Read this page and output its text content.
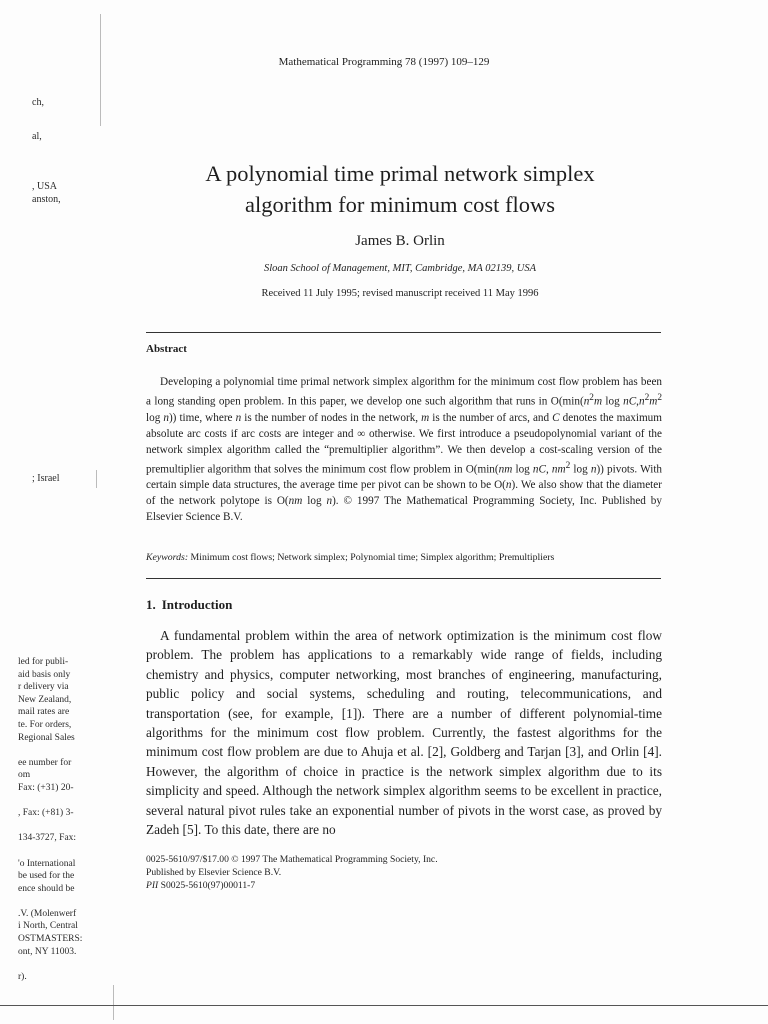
ch,
al,
, USA
anston,
; Israel
led for publi-
aid basis only
r delivery via
New Zealand,
mail rates are
te. For orders,
Regional Sales

ee number for
om
Fax: (+31) 20-

, Fax: (+81) 3-

134-3727, Fax:

'o International
be used for the
ence should be

.V. (Molenwerf
i North, Central
OSTMASTERS:
ont, NY 11003.

r).
Mathematical Programming 78 (1997) 109–129
A polynomial time primal network simplex
algorithm for minimum cost flows
James B. Orlin
Sloan School of Management, MIT, Cambridge, MA 02139, USA
Received 11 July 1995; revised manuscript received 11 May 1996
Abstract
Developing a polynomial time primal network simplex algorithm for the minimum cost flow problem has been a long standing open problem. In this paper, we develop one such algorithm that runs in $O(\min(n^2m$ $\log nC,n^2m^2$ log n)) time, where n is the number of nodes in the network, m is the number of arcs, and C denotes the maximum absolute arc costs if arc costs are integer and ∞ otherwise. We first introduce a pseudopolynomial variant of the network simplex algorithm called the “premultiplier algorithm”. We then develop a cost-scaling version of the premultiplier algorithm that solves the minimum cost flow problem in O(min(nm log nC, $nm^2$ log n)) pivots. With certain simple data structures, the average time per pivot can be shown to be O(n). We also show that the diameter of the network polytope is O(nm log n). © 1997 The Mathematical Programming Society, Inc. Published by Elsevier Science B.V.
Keywords: Minimum cost flows; Network simplex; Polynomial time; Simplex algorithm; Premultipliers
1. Introduction
A fundamental problem within the area of network optimization is the minimum cost flow problem. The problem has applications to a remarkably wide range of fields, including chemistry and physics, computer networking, most branches of engineering, manufacturing, public policy and social systems, scheduling and routing, telecommunications, and transportation (see, for example, [1]). There are a number of different polynomial-time algorithms for the minimum cost flow problem. Currently, the fastest algorithms for the minimum cost flow problem are due to Ahuja et al. [2], Goldberg and Tarjan [3], and Orlin [4]. However, the algorithm of choice in practice is the network simplex algorithm due to its simplicity and speed. Although the network simplex algorithm seems to be excellent in practice, several natural pivot rules take an exponential number of pivots in the worst case, as proved by Zadeh [5]. To this date, there are no
0025-5610/97/$17.00 © 1997 The Mathematical Programming Society, Inc.
Published by Elsevier Science B.V.
PII S0025-5610(97)00011-7
